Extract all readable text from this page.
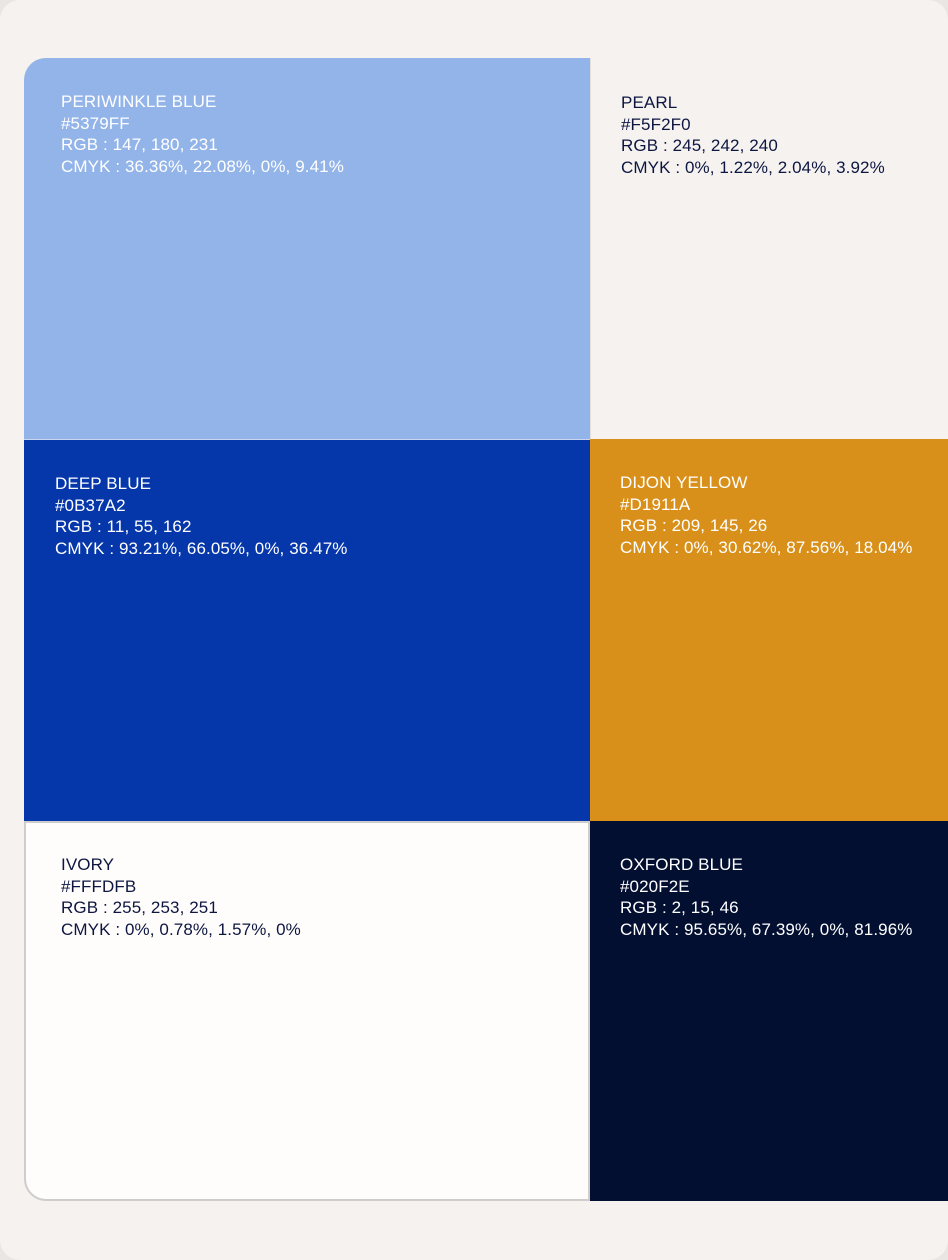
PERIWINKLE BLUE
#5379FF
RGB : 147, 180, 231
CMYK : 36.36%, 22.08%, 0%, 9.41%
PEARL
#F5F2F0
RGB : 245, 242, 240
CMYK : 0%, 1.22%, 2.04%, 3.92%
DEEP BLUE
#0B37A2
RGB : 11, 55, 162
CMYK : 93.21%, 66.05%, 0%, 36.47%
DIJON YELLOW
#D1911A
RGB : 209, 145, 26
CMYK : 0%, 30.62%, 87.56%, 18.04%
IVORY
#FFFDFB
RGB : 255, 253, 251
CMYK : 0%, 0.78%, 1.57%, 0%
OXFORD BLUE
#020F2E
RGB : 2, 15, 46
CMYK : 95.65%, 67.39%, 0%, 81.96%
